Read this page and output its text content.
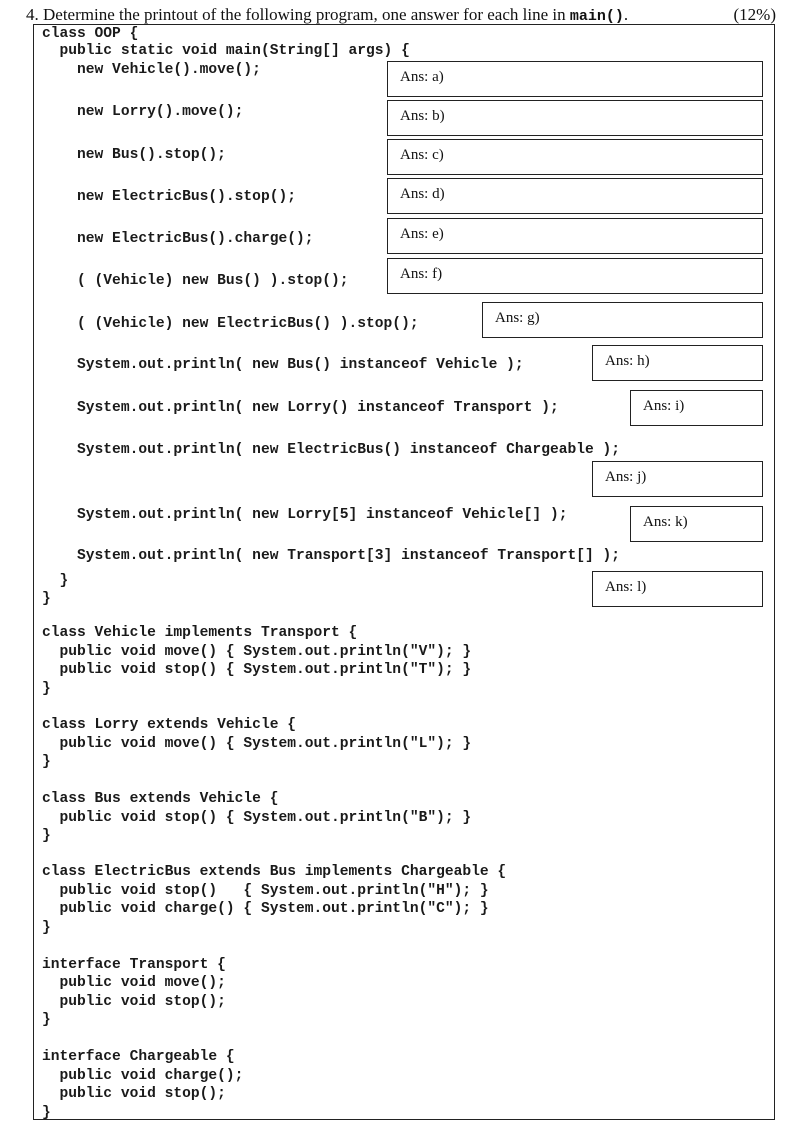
4. Determine the printout of the following program, one answer for each line in main().	(12%)
class OOP {
public static void main(String[] args) {
new Vehicle().move();
new Lorry().move();
new Bus().stop();
new ElectricBus().stop();
new ElectricBus().charge();
( (Vehicle) new Bus() ).stop();
( (Vehicle) new ElectricBus() ).stop();
System.out.println( new Bus() instanceof Vehicle );
System.out.println( new Lorry() instanceof Transport );
System.out.println( new ElectricBus() instanceof Chargeable );
System.out.println( new Lorry[5] instanceof Vehicle[] );
System.out.println( new Transport[3] instanceof Transport[] );
}
}
class Vehicle implements Transport {
public void move() { System.out.println("V"); }
public void stop() { System.out.println("T"); }
}
class Lorry extends Vehicle {
public void move() { System.out.println("L"); }
}
class Bus extends Vehicle {
public void stop() { System.out.println("B"); }
}
class ElectricBus extends Bus implements Chargeable {
public void stop()   { System.out.println("H"); }
public void charge() { System.out.println("C"); }
}
interface Transport {
public void move();
public void stop();
}
interface Chargeable {
public void charge();
public void stop();
}
Ans: a)
Ans: b)
Ans: c)
Ans: d)
Ans: e)
Ans: f)
Ans: g)
Ans: h)
Ans: i)
Ans: j)
Ans: k)
Ans: l)
